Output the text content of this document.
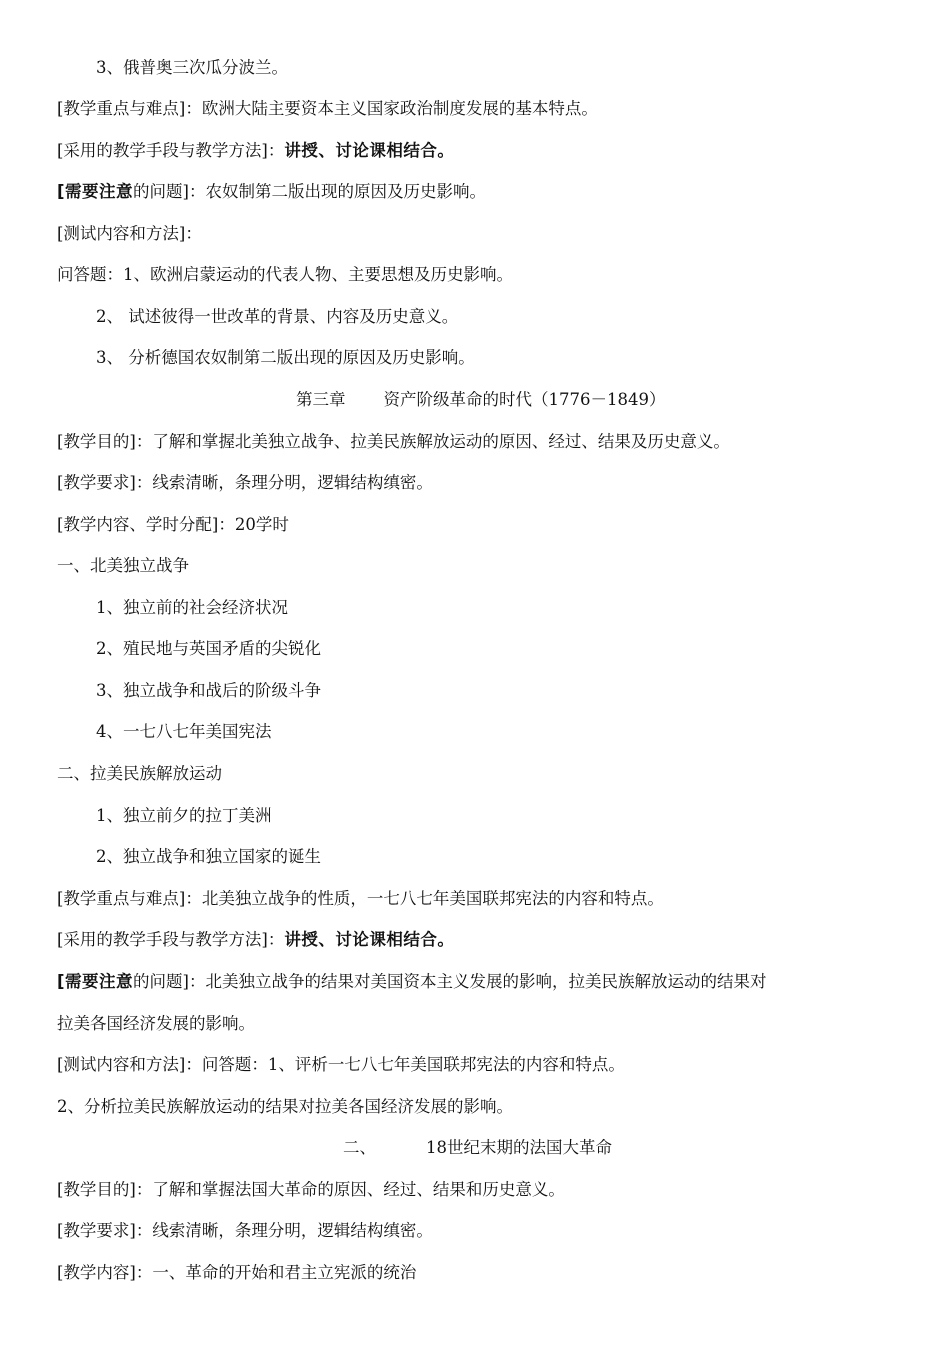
3、俄普奥三次瓜分波兰。
[教学重点与难点]：欧洲大陆主要资本主义国家政治制度发展的基本特点。
[采用的教学手段与教学方法]：讲授、讨论课相结合。
[需要注意的问题]：农奴制第二版出现的原因及历史影响。
[测试内容和方法]：
问答题：1、欧洲启蒙运动的代表人物、主要思想及历史影响。
2、 试述彼得一世改革的背景、内容及历史意义。
3、 分析德国农奴制第二版出现的原因及历史影响。
第三章 资产阶级革命的时代（1776－1849）
[教学目的]：了解和掌握北美独立战争、拉美民族解放运动的原因、经过、结果及历史意义。
[教学要求]：线索清晰，条理分明，逻辑结构缜密。
[教学内容、学时分配]：20学时
一、北美独立战争
1、独立前的社会经济状况
2、殖民地与英国矛盾的尖锐化
3、独立战争和战后的阶级斗争
4、一七八七年美国宪法
二、拉美民族解放运动
1、独立前夕的拉丁美洲
2、独立战争和独立国家的诞生
[教学重点与难点]：北美独立战争的性质，一七八七年美国联邦宪法的内容和特点。
[采用的教学手段与教学方法]：讲授、讨论课相结合。
[需要注意的问题]：北美独立战争的结果对美国资本主义发展的影响，拉美民族解放运动的结果对
拉美各国经济发展的影响。
[测试内容和方法]：问答题：1、评析一七八七年美国联邦宪法的内容和特点。
2、分析拉美民族解放运动的结果对拉美各国经济发展的影响。
二、	18世纪末期的法国大革命
[教学目的]：了解和掌握法国大革命的原因、经过、结果和历史意义。
[教学要求]：线索清晰，条理分明，逻辑结构缜密。
[教学内容]：一、革命的开始和君主立宪派的统治
